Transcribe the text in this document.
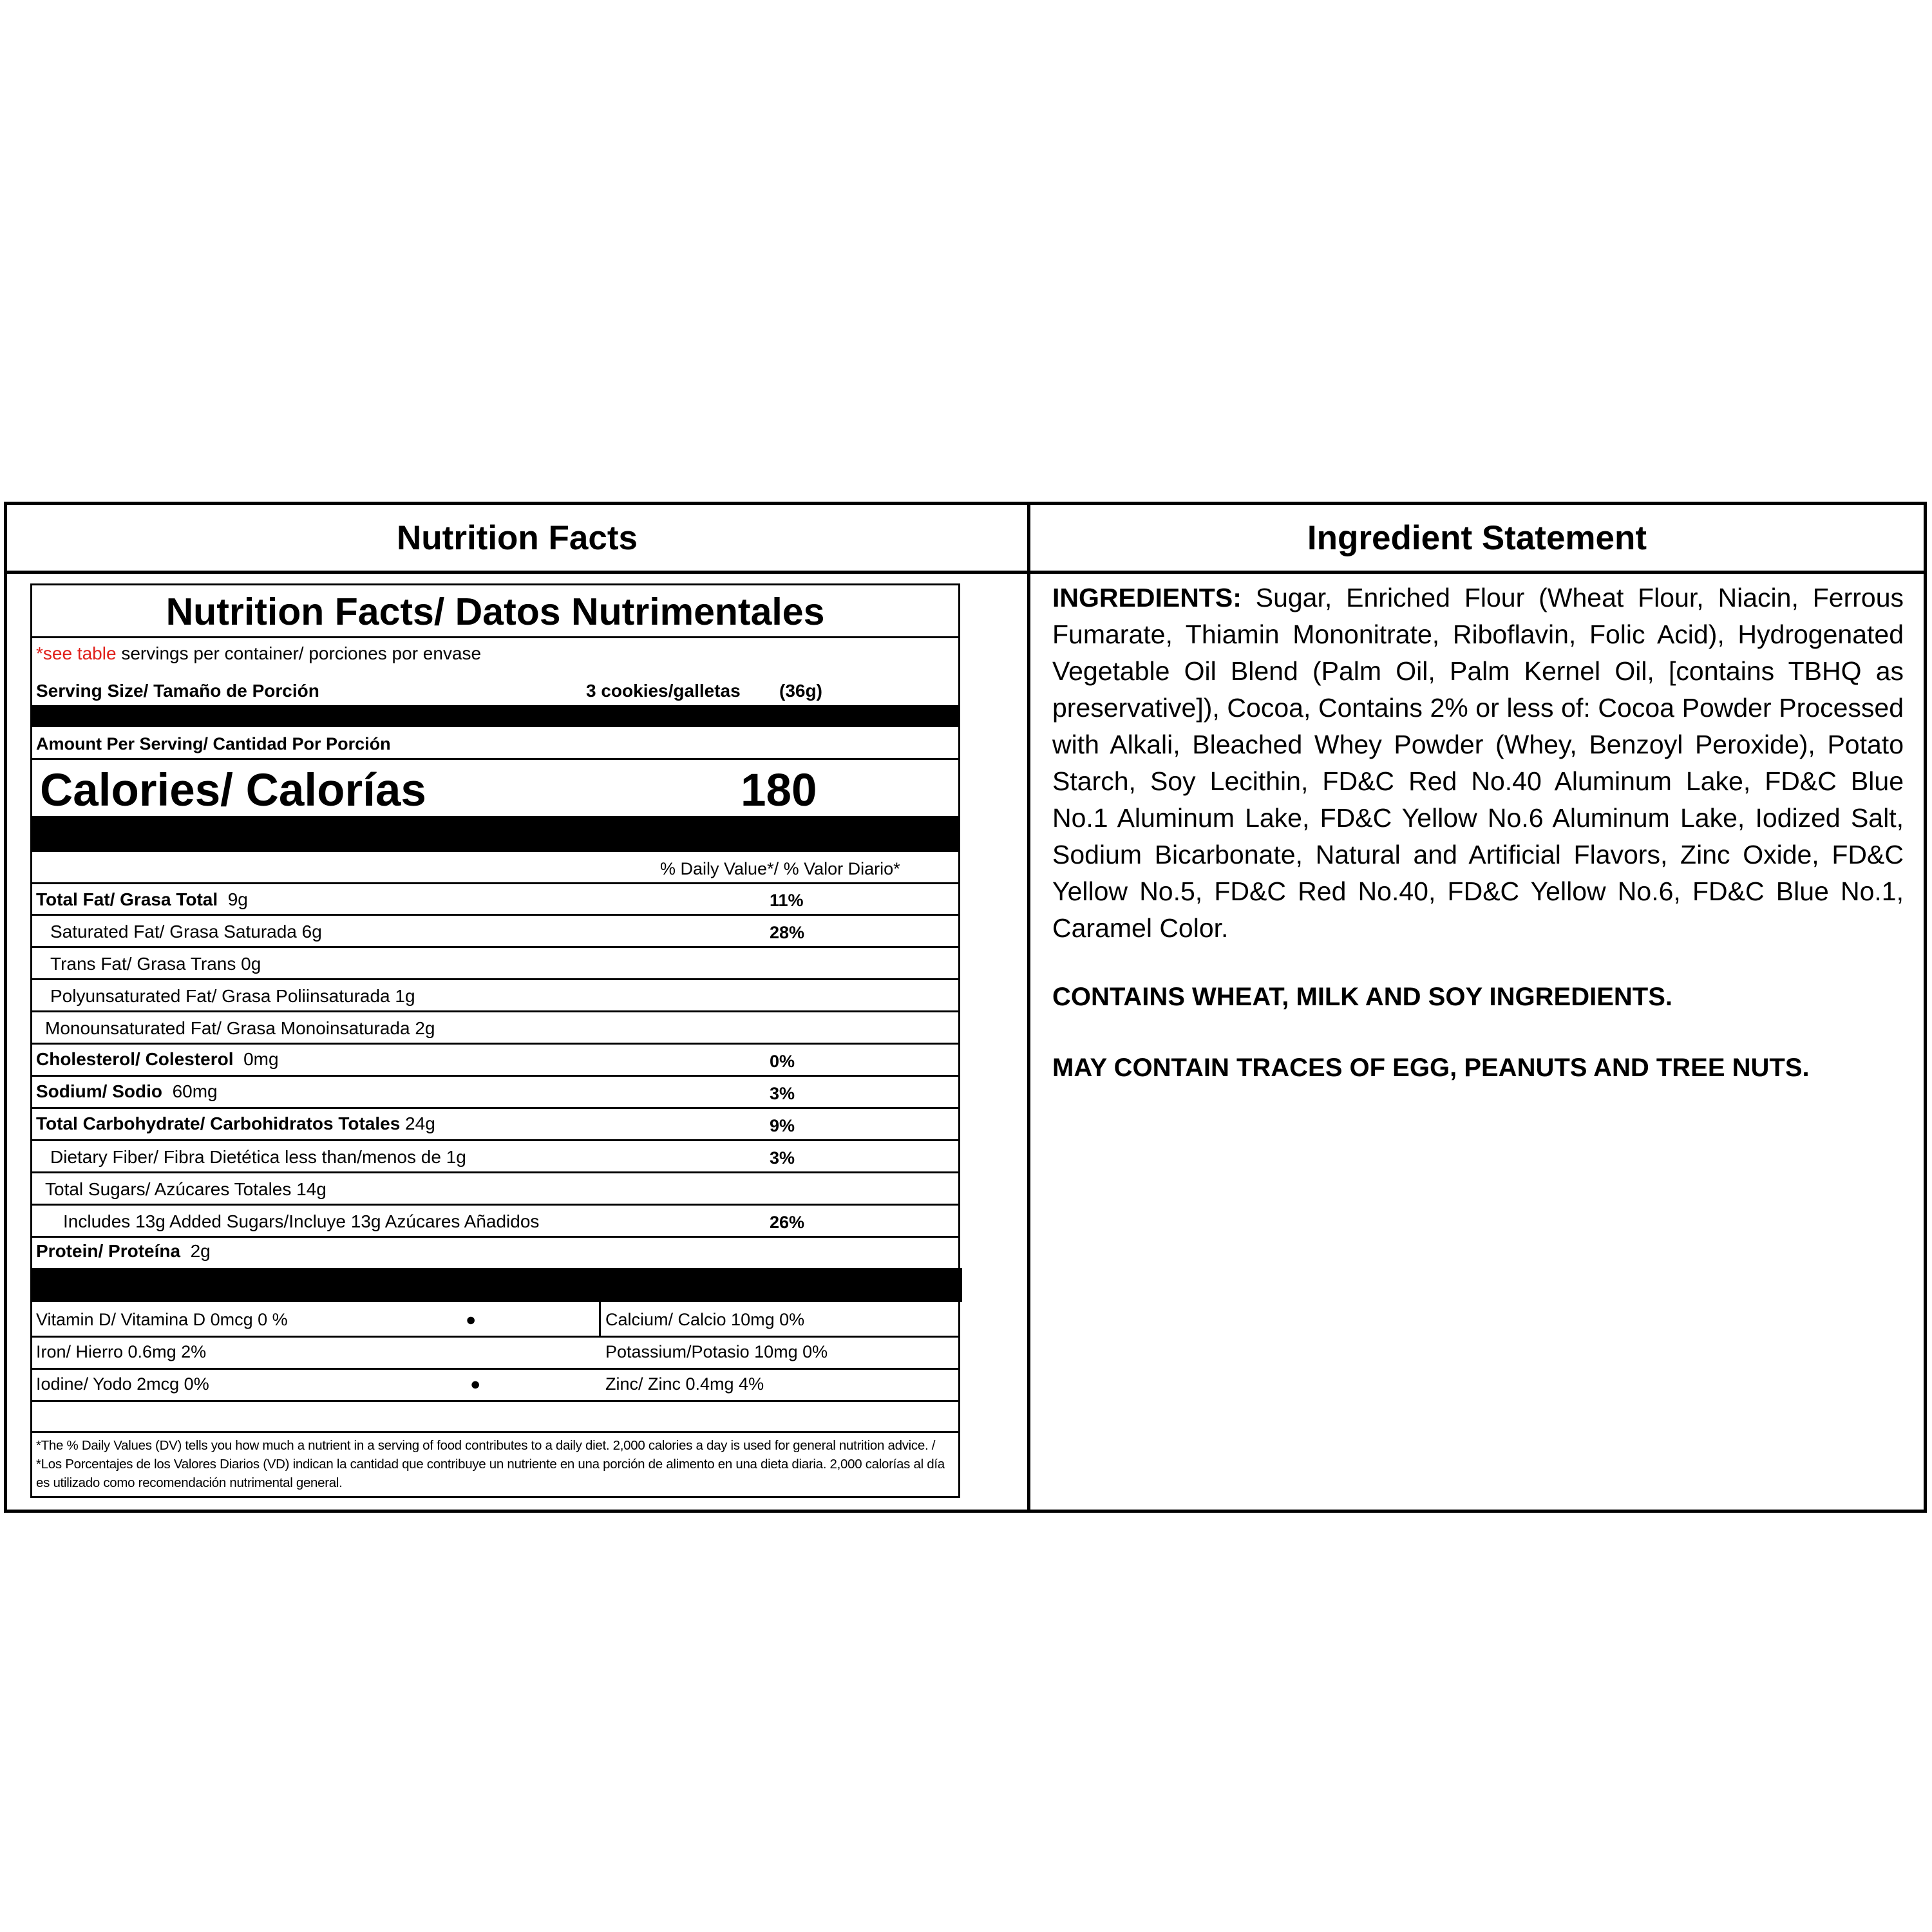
Nutrition Facts	Ingredient Statement
Nutrition Facts/ Datos Nutrimentales
*see table servings per container/ porciones por envase
Serving Size/ Tamaño de Porción	3 cookies/galletas (36g)
Amount Per Serving/ Cantidad Por Porción
Calories/ Calorías	180
% Daily Value*/ % Valor Diario*
Total Fat/ Grasa Total 9g	11%
Saturated Fat/ Grasa Saturada 6g	28%
Trans Fat/ Grasa Trans 0g
Polyunsaturated Fat/ Grasa Poliinsaturada 1g
Monounsaturated Fat/ Grasa Monoinsaturada 2g
Cholesterol/ Colesterol 0mg	0%
Sodium/ Sodio 60mg	3%
Total Carbohydrate/ Carbohidratos Totales 24g	9%
Dietary Fiber/ Fibra Dietética less than/menos de 1g	3%
Total Sugars/ Azúcares Totales 14g
Includes 13g Added Sugars/Incluye 13g Azúcares Añadidos	26%
Protein/ Proteína 2g
Vitamin D/ Vitamina D 0mcg 0 %	●	Calcium/ Calcio 10mg 0%
Iron/ Hierro 0.6mg 2%	Potassium/Potasio 10mg 0%
Iodine/ Yodo 2mcg 0%	●	Zinc/ Zinc 0.4mg 4%
*The % Daily Values (DV) tells you how much a nutrient in a serving of food contributes to a daily diet. 2,000 calories a day is used for general nutrition advice. / *Los Porcentajes de los Valores Diarios (VD) indican la cantidad que contribuye un nutriente en una porción de alimento en una dieta diaria. 2,000 calorías al día es utilizado como recomendación nutrimental general.
INGREDIENTS: Sugar, Enriched Flour (Wheat Flour, Niacin, Ferrous Fumarate, Thiamin Mononitrate, Riboflavin, Folic Acid), Hydrogenated Vegetable Oil Blend (Palm Oil, Palm Kernel Oil, [contains TBHQ as preservative]), Cocoa, Contains 2% or less of: Cocoa Powder Processed with Alkali, Bleached Whey Powder (Whey, Benzoyl Peroxide), Potato Starch, Soy Lecithin, FD&C Red No.40 Aluminum Lake, FD&C Blue No.1 Aluminum Lake, FD&C Yellow No.6 Aluminum Lake, Iodized Salt, Sodium Bicarbonate, Natural and Artificial Flavors, Zinc Oxide, FD&C Yellow No.5, FD&C Red No.40, FD&C Yellow No.6, FD&C Blue No.1, Caramel Color.
CONTAINS WHEAT, MILK AND SOY INGREDIENTS.
MAY CONTAIN TRACES OF EGG, PEANUTS AND TREE NUTS.
